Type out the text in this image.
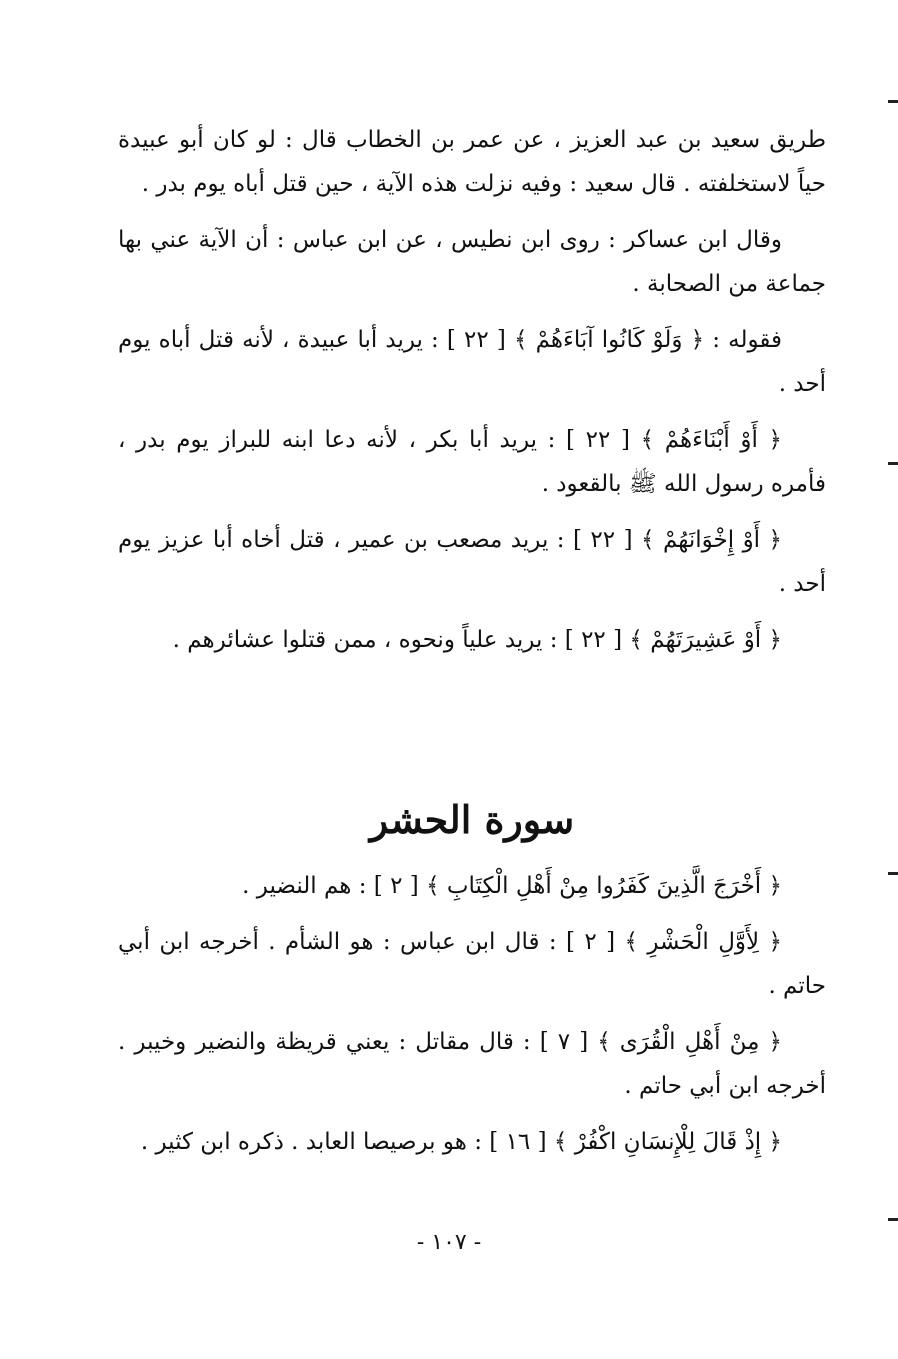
طريق سعيد بن عبد العزيز ، عن عمر بن الخطاب قال : لو كان أبو عبيدة حياً لاستخلفته . قال سعيد : وفيه نزلت هذه الآية ، حين قتل أباه يوم بدر .

وقال ابن عساكر : روى ابن نطيس ، عن ابن عباس : أن الآية عني بها جماعة من الصحابة .

فقوله : ﴿ وَلَوْ كَانُوا آبَاءَهُمْ ﴾ [ ٢٢ ] : يريد أبا عبيدة ، لأنه قتل أباه يوم أحد .

﴿ أَوْ أَبْنَاءَهُمْ ﴾ [ ٢٢ ] : يريد أبا بكر ، لأنه دعا ابنه للبراز يوم بدر ، فأمره رسول الله ﷺ بالقعود .

﴿ أَوْ إِخْوَانَهُمْ ﴾ [ ٢٢ ] : يريد مصعب بن عمير ، قتل أخاه أبا عزيز يوم أحد .

﴿ أَوْ عَشِيرَتَهُمْ ﴾ [ ٢٢ ] : يريد علياً ونحوه ، ممن قتلوا عشائرهم .

سورة الحشر

﴿ أَخْرَجَ الَّذِينَ كَفَرُوا مِنْ أَهْلِ الْكِتَابِ ﴾ [ ٢ ] : هم النضير .

﴿ لِأَوَّلِ الْحَشْرِ ﴾ [ ٢ ] : قال ابن عباس : هو الشأم . أخرجه ابن أبي حاتم .

﴿ مِنْ أَهْلِ الْقُرَى ﴾ [ ٧ ] : قال مقاتل : يعني قريظة والنضير وخيبر . أخرجه ابن أبي حاتم .

﴿ إِذْ قَالَ لِلْإِنسَانِ اكْفُرْ ﴾ [ ١٦ ] : هو برصيصا العابد . ذكره ابن كثير .

- ١٠٧ -
